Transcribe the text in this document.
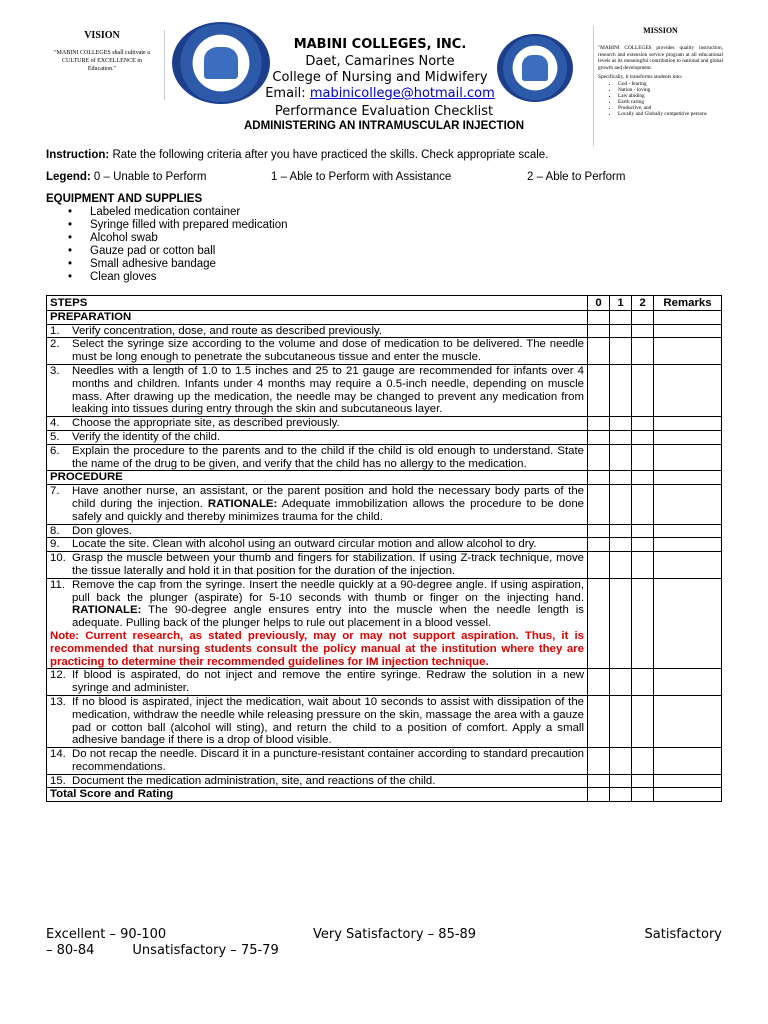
VISION
"MABINI COLLEGES shall cultivate a CULTURE of EXCELLENCE in Education."
MABINI COLLEGES, INC.
Daet, Camarines Norte
College of Nursing and Midwifery
Email: mabinicollege@hotmail.com
MISSION
"MABINI COLLEGES provides quality instruction, research and extension service program at all educational levels as its meaningful contribution to national and global growth and development.
Specifically, it transforms students into:
• God - fearing
• Nation - loving
• Law abiding
• Earth caring
• Productive, and
• Locally and Globally competitive persons
Performance Evaluation Checklist
ADMINISTERING AN INTRAMUSCULAR INJECTION
Instruction: Rate the following criteria after you have practiced the skills. Check appropriate scale.
Legend: 0 – Unable to Perform	1 – Able to Perform with Assistance	2 – Able to Perform
EQUIPMENT AND SUPPLIES
• Labeled medication container
• Syringe filled with prepared medication
• Alcohol swab
• Gauze pad or cotton ball
• Small adhesive bandage
• Clean gloves
STEPS	0	1	2	Remarks
PREPARATION				

1. Verify concentration, dose, and route as described previously.				

2. Select the syringe size according to the volume and dose of medication to be delivered. The needle must be long enough to penetrate the subcutaneous tissue and enter the muscle.				

3. Needles with a length of 1.0 to 1.5 inches and 25 to 21 gauge are recommended for infants over 4 months and children. Infants under 4 months may require a 0.5-inch needle, depending on muscle mass. After drawing up the medication, the needle may be changed to prevent any medication from leaking into tissues during entry through the skin and subcutaneous layer.				

4. Choose the appropriate site, as described previously.				

5. Verify the identity of the child.				

6. Explain the procedure to the parents and to the child if the child is old enough to understand. State the name of the drug to be given, and verify that the child has no allergy to the medication.				

PROCEDURE				

7. Have another nurse, an assistant, or the parent position and hold the necessary body parts of the child during the injection. RATIONALE: Adequate immobilization allows the procedure to be done safely and quickly and thereby minimizes trauma for the child.				

8. Don gloves.				

9. Locate the site. Clean with alcohol using an outward circular motion and allow alcohol to dry.				

10. Grasp the muscle between your thumb and fingers for stabilization. If using Z-track technique, move the tissue laterally and hold it in that position for the duration of the injection.				

11. Remove the cap from the syringe. Insert the needle quickly at a 90-degree angle. If using aspiration, pull back the plunger (aspirate) for 5-10 seconds with thumb or finger on the injecting hand. RATIONALE: The 90-degree angle ensures entry into the muscle when the needle length is adequate. Pulling back of the plunger helps to rule out placement in a blood vessel.
Note: Current research, as stated previously, may or may not support aspiration. Thus, it is recommended that nursing students consult the policy manual at the institution where they are practicing to determine their recommended guidelines for IM injection technique.				

12. If blood is aspirated, do not inject and remove the entire syringe. Redraw the solution in a new syringe and administer.				

13. If no blood is aspirated, inject the medication, wait about 10 seconds to assist with dissipation of the medication, withdraw the needle while releasing pressure on the skin, massage the area with a gauze pad or cotton ball (alcohol will sting), and return the child to a position of comfort. Apply a small adhesive bandage if there is a drop of blood visible.				

14. Do not recap the needle. Discard it in a puncture-resistant container according to standard precaution recommendations.				

15. Document the medication administration, site, and reactions of the child.				

Total Score and Rating				
Excellent – 90-100	Very Satisfactory – 85-89	Satisfactory
– 80-84	Unsatisfactory – 75-79
